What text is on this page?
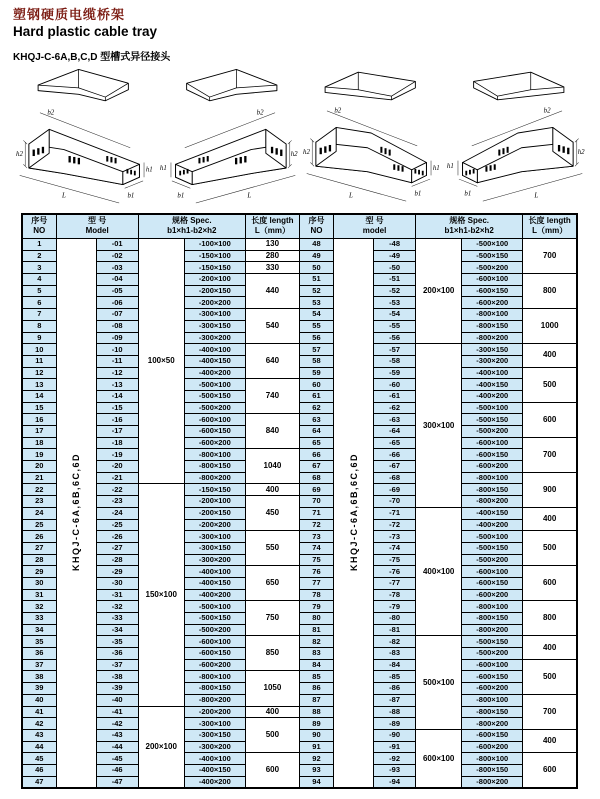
塑钢硬质电缆桥架
Hard plastic cable tray
KHQJ-C-6A,B,C,D 型槽式异径接头
b2
h2
h1
b1
L
b2
h2
h1
b1	L
b2
h2
h1
b1
L
b2
h2
h1
b1	L
序号
NO

型 号
Model

规格 Spec.
b1×h1-b2×h2

长度 length
L（mm）

序号
NO

型 号
model

规格 Spec.
b1×h1-b2×h2

长度 length
L（mm）

1	KHQJ-C-6A,6B,6C,6D	-01	100×50	-100×100	130	48	KHQJ-C-6A,6B,6C,6D	-48	200×100	-500×100	700
2		-02		-150×100	280	49		-49		-500×150	
3		-03		-150×150	330	50		-50		-500×200	
4		-04		-200×100	440	51		-51		-600×100	800
5		-05		-200×150		52		-52		-600×150	
6		-06		-200×200		53		-53		-600×200	
7		-07		-300×100	540	54		-54		-800×100	1000
8		-08		-300×150		55		-55		-800×150	
9		-09		-300×200		56		-56		-800×200	
10		-10		-400×100	640	57		-57	300×100	-300×150	400
11		-11		-400×150		58		-58		-300×200	
12		-12		-400×200		59		-59		-400×100	500
13		-13		-500×100	740	60		-60		-400×150	
14		-14		-500×150		61		-61		-400×200	
15		-15		-500×200		62		-62		-500×100	600
16		-16		-600×100	840	63		-63		-500×150	
17		-17		-600×150		64		-64		-500×200	
18		-18		-600×200		65		-65		-600×100	700
19		-19		-800×100	1040	66		-66		-600×150	
20		-20		-800×150		67		-67		-600×200	
21		-21		-800×200		68		-68		-800×100	900
22		-22	150×100	-150×150	400	69		-69		-800×150	
23		-23		-200×100	450	70		-70		-800×200	
24		-24		-200×150		71		-71	400×100	-400×150	400
25		-25		-200×200		72		-72		-400×200	
26		-26		-300×100	550	73		-73		-500×100	500
27		-27		-300×150		74		-74		-500×150	
28		-28		-300×200		75		-75		-500×200	
29		-29		-400×100	650	76		-76		-600×100	600
30		-30		-400×150		77		-77		-600×150	
31		-31		-400×200		78		-78		-600×200	
32		-32		-500×100	750	79		-79		-800×100	800
33		-33		-500×150		80		-80		-800×150	
34		-34		-500×200		81		-81		-800×200	
35		-35		-600×100	850	82		-82	500×100	-500×150	400
36		-36		-600×150		83		-83		-500×200	
37		-37		-600×200		84		-84		-600×100	500
38		-38		-800×100	1050	85		-85		-600×150	
39		-39		-800×150		86		-86		-600×200	
40		-40		-800×200		87		-87		-800×100	700
41		-41	200×100	-200×200	400	88		-88		-800×150	
42		-42		-300×100	500	89		-89		-800×200	
43		-43		-300×150		90		-90	600×100	-600×150	400
44		-44		-300×200		91		-91		-600×200	
45		-45		-400×100	600	92		-92		-800×100	600
46		-46		-400×150		93		-93		-800×150	
47		-47		-400×200		94		-94		-800×200	
